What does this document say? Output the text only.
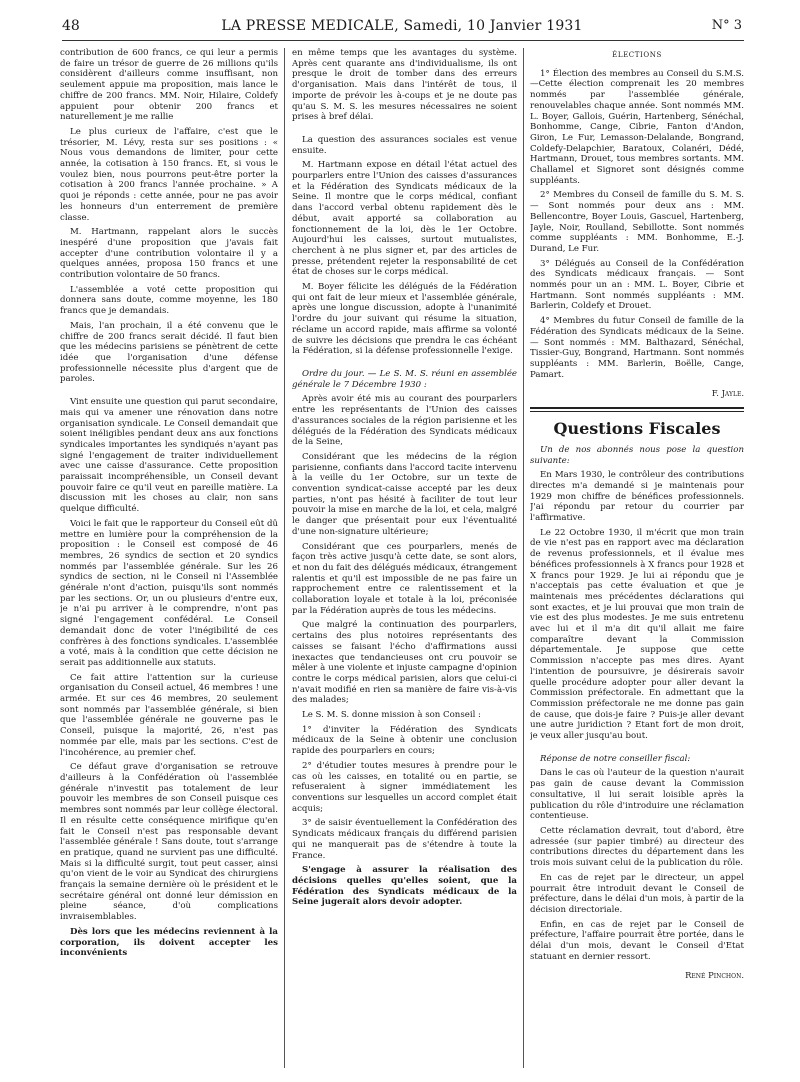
48	LA PRESSE MEDICALE, Samedi, 10 Janvier 1931	N° 3

contribution de 600 francs, ce qui leur a permis de faire un trésor de guerre de 26 millions qu'ils considèrent d'ailleurs comme insuffisant, non seulement appuie ma proposition, mais lance le chiffre de 200 francs. MM. Noir, Hilaire, Coldefy appuient pour obtenir 200 francs et naturellement je me rallie

Le plus curieux de l'affaire, c'est que le trésorier, M. Lévy, resta sur ses positions : « Nous vous demandons de limiter, pour cette année, la cotisation à 150 francs. Et, si vous le voulez bien, nous pourrons peut-être porter la cotisation à 200 francs l'année prochaine. » A quoi je réponds : cette année, pour ne pas avoir les honneurs d'un enterrement de première classe.

M. Hartmann, rappelant alors le succès inespéré d'une proposition que j'avais fait accepter d'une contribution volontaire il y a quelques années, proposa 150 francs et une contribution volontaire de 50 francs.

L'assemblée a voté cette proposition qui donnera sans doute, comme moyenne, les 180 francs que je demandais.

Mais, l'an prochain, il a été convenu que le chiffre de 200 francs serait décidé. Il faut bien que les médecins parisiens se pénètrent de cette idée que l'organisation d'une défense professionnelle nécessite plus d'argent que de paroles.

Vint ensuite une question qui parut secondaire, mais qui va amener une rénovation dans notre organisation syndicale. Le Conseil demandait que soient inéligibles pendant deux ans aux fonctions syndicales importantes les syndiqués n'ayant pas signé l'engagement de traiter individuellement avec une caisse d'assurance. Cette proposition paraissait incompréhensible, un Conseil devant pouvoir faire ce qu'il veut en pareille matière. La discussion mit les choses au clair, non sans quelque difficulté.

Voici le fait que le rapporteur du Conseil eût dû mettre en lumière pour la compréhension de la proposition : le Conseil est composé de 46 membres, 26 syndics de section et 20 syndics nommés par l'assemblée générale. Sur les 26 syndics de section, ni le Conseil ni l'Assemblée générale n'ont d'action, puisqu'ils sont nommés par les sections. Or, un ou plusieurs d'entre eux, je n'ai pu arriver à le comprendre, n'ont pas signé l'engagement confédéral. Le Conseil demandait donc de voter l'inégibilité de ces confrères à des fonctions syndicales. L'assemblée a voté, mais à la condition que cette décision ne serait pas additionnelle aux statuts.

Ce fait attire l'attention sur la curieuse organisation du Conseil actuel, 46 membres ! une armée. Et sur ces 46 membres, 20 seulement sont nommés par l'assemblée générale, si bien que l'assemblée générale ne gouverne pas le Conseil, puisque la majorité, 26, n'est pas nommée par elle, mais par les sections. C'est de l'incohérence, au premier chef.

Ce défaut grave d'organisation se retrouve d'ailleurs à la Confédération où l'assemblée générale n'investit pas totalement de leur pouvoir les membres de son Conseil puisque ces membres sont nommés par leur collège électoral. Il en résulte cette conséquence mirifique qu'en fait le Conseil n'est pas responsable devant l'assemblée générale ! Sans doute, tout s'arrange en pratique, quand ne survient pas une difficulté. Mais si la difficulté surgit, tout peut casser, ainsi qu'on vient de le voir au Syndicat des chirurgiens français la semaine dernière où le président et le secrétaire général ont donné leur démission en pleine séance, d'où complications invraisemblables.

Dès lors que les médecins reviennent à la corporation, ils doivent accepter les inconvénients

en même temps que les avantages du système. Après cent quarante ans d'individualisme, ils ont presque le droit de tomber dans des erreurs d'organisation. Mais dans l'intérêt de tous, il importe de prévoir les à-coups et je ne doute pas qu'au S. M. S. les mesures nécessaires ne soient prises à bref délai.

La question des assurances sociales est venue ensuite.

M. Hartmann expose en détail l'état actuel des pourparlers entre l'Union des caisses d'assurances et la Fédération des Syndicats médicaux de la Seine. Il montre que le corps médical, confiant dans l'accord verbal obtenu rapidement dès le début, avait apporté sa collaboration au fonctionnement de la loi, dès le 1er Octobre. Aujourd'hui les caisses, surtout mutualistes, cherchent à ne plus signer et, par des articles de presse, prétendent rejeter la responsabilité de cet état de choses sur le corps médical.

M. Boyer félicite les délégués de la Fédération qui ont fait de leur mieux et l'assemblée générale, après une longue discussion, adopte à l'unanimité l'ordre du jour suivant qui résume la situation, réclame un accord rapide, mais affirme sa volonté de suivre les décisions que prendra le cas échéant la Fédération, si la défense professionnelle l'exige.

Ordre du jour. — Le S. M. S. réuni en assemblée générale le 7 Décembre 1930 :

Après avoir été mis au courant des pourparlers entre les représentants de l'Union des caisses d'assurances sociales de la région parisienne et les délégués de la Fédération des Syndicats médicaux de la Seine,

Considérant que les médecins de la région parisienne, confiants dans l'accord tacite intervenu à la veille du 1er Octobre, sur un texte de convention syndicat-caisse accepté par les deux parties, n'ont pas hésité à faciliter de tout leur pouvoir la mise en marche de la loi, et cela, malgré le danger que présentait pour eux l'éventualité d'une non-signature ultérieure;

Considérant que ces pourparlers, menés de façon très active jusqu'à cette date, se sont alors, et non du fait des délégués médicaux, étrangement ralentis et qu'il est impossible de ne pas faire un rapprochement entre ce ralentissement et la collaboration loyale et totale à la loi, préconisée par la Fédération auprès de tous les médecins.

Que malgré la continuation des pourparlers, certains des plus notoires représentants des caisses se faisant l'écho d'affirmations aussi inexactes que tendancieuses ont cru pouvoir se mêler à une violente et injuste campagne d'opinion contre le corps médical parisien, alors que celui-ci n'avait modifié en rien sa manière de faire vis-à-vis des malades;

Le S. M. S. donne mission à son Conseil :

1° d'inviter la Fédération des Syndicats médicaux de la Seine à obtenir une conclusion rapide des pourparlers en cours;

2° d'étudier toutes mesures à prendre pour le cas où les caisses, en totalité ou en partie, se refuseraient à signer immédiatement les conventions sur lesquelles un accord complet était acquis;

3° de saisir éventuellement la Confédération des Syndicats médicaux français du différend parisien qui ne manquerait pas de s'étendre à toute la France.

S'engage à assurer la réalisation des décisions quelles qu'elles soient, que la Fédération des Syndicats médicaux de la Seine jugerait alors devoir adopter.

ÉLECTIONS

1° Élection des membres au Conseil du S.M.S. —Cette élection comprenait les 20 membres nommés par l'assemblée générale, renouvelables chaque année. Sont nommés MM. L. Boyer, Gallois, Guérin, Hartenberg, Sénéchal, Bonhomme, Cange, Cibrie, Fanton d'Andon, Giron, Le Fur, Lemasson-Delalande, Bongrand, Coldefy-Delapchier, Baratoux, Colanéri, Dédé, Hartmann, Drouet, tous membres sortants. MM. Challamel et Signoret sont désignés comme suppléants.

2° Membres du Conseil de famille du S. M. S. — Sont nommés pour deux ans : MM. Bellencontre, Boyer Louis, Gascuel, Hartenberg, Jayle, Noir, Roulland, Sebillotte. Sont nommés comme suppléants : MM. Bonhomme, E.-J. Durand, Le Fur.

3° Délégués au Conseil de la Confédération des Syndicats médicaux français. — Sont nommés pour un an : MM. L. Boyer, Cibrie et Hartmann. Sont nommés suppléants : MM. Barlerin, Coldefy et Drouet.

4° Membres du futur Conseil de famille de la Fédération des Syndicats médicaux de la Seine. — Sont nommés : MM. Balthazard, Sénéchal, Tissier-Guy, Bongrand, Hartmann. Sont nommés suppléants : MM. Barlerin, Boëlle, Cange, Pamart.

F. Jayle.
Questions Fiscales

Un de nos abonnés nous pose la question suivante:

En Mars 1930, le contrôleur des contributions directes m'a demandé si je maintenais pour 1929 mon chiffre de bénéfices professionnels. J'ai répondu par retour du courrier par l'affirmative.

Le 22 Octobre 1930, il m'écrit que mon train de vie n'est pas en rapport avec ma déclaration de revenus professionnels, et il évalue mes bénéfices professionnels à X francs pour 1928 et X francs pour 1929. Je lui ai répondu que je n'acceptais pas cette évaluation et que je maintenais mes précédentes déclarations qui sont exactes, et je lui prouvai que mon train de vie est des plus modestes. Je me suis entretenu avec lui et il m'a dit qu'il allait me faire comparaître devant la Commission départementale. Je suppose que cette Commission n'accepte pas mes dires. Ayant l'intention de poursuivre, je désirerais savoir quelle procédure adopter pour aller devant la Commission préfectorale. En admettant que la Commission préfectorale ne me donne pas gain de cause, que dois-je faire ? Puis-je aller devant une autre juridiction ? Etant fort de mon droit, je veux aller jusqu'au bout.

Réponse de notre conseiller fiscal:

Dans le cas où l'auteur de la question n'aurait pas gain de cause devant la Commission consultative, il lui serait loisible après la publication du rôle d'introduire une réclamation contentieuse.

Cette réclamation devrait, tout d'abord, être adressée (sur papier timbré) au directeur des contributions directes du département dans les trois mois suivant celui de la publication du rôle.

En cas de rejet par le directeur, un appel pourrait être introduit devant le Conseil de préfecture, dans le délai d'un mois, à partir de la décision directoriale.

Enfin, en cas de rejet par le Conseil de préfecture, l'affaire pourrait être portée, dans le délai d'un mois, devant le Conseil d'Etat statuant en dernier ressort.

René Pinchon.
